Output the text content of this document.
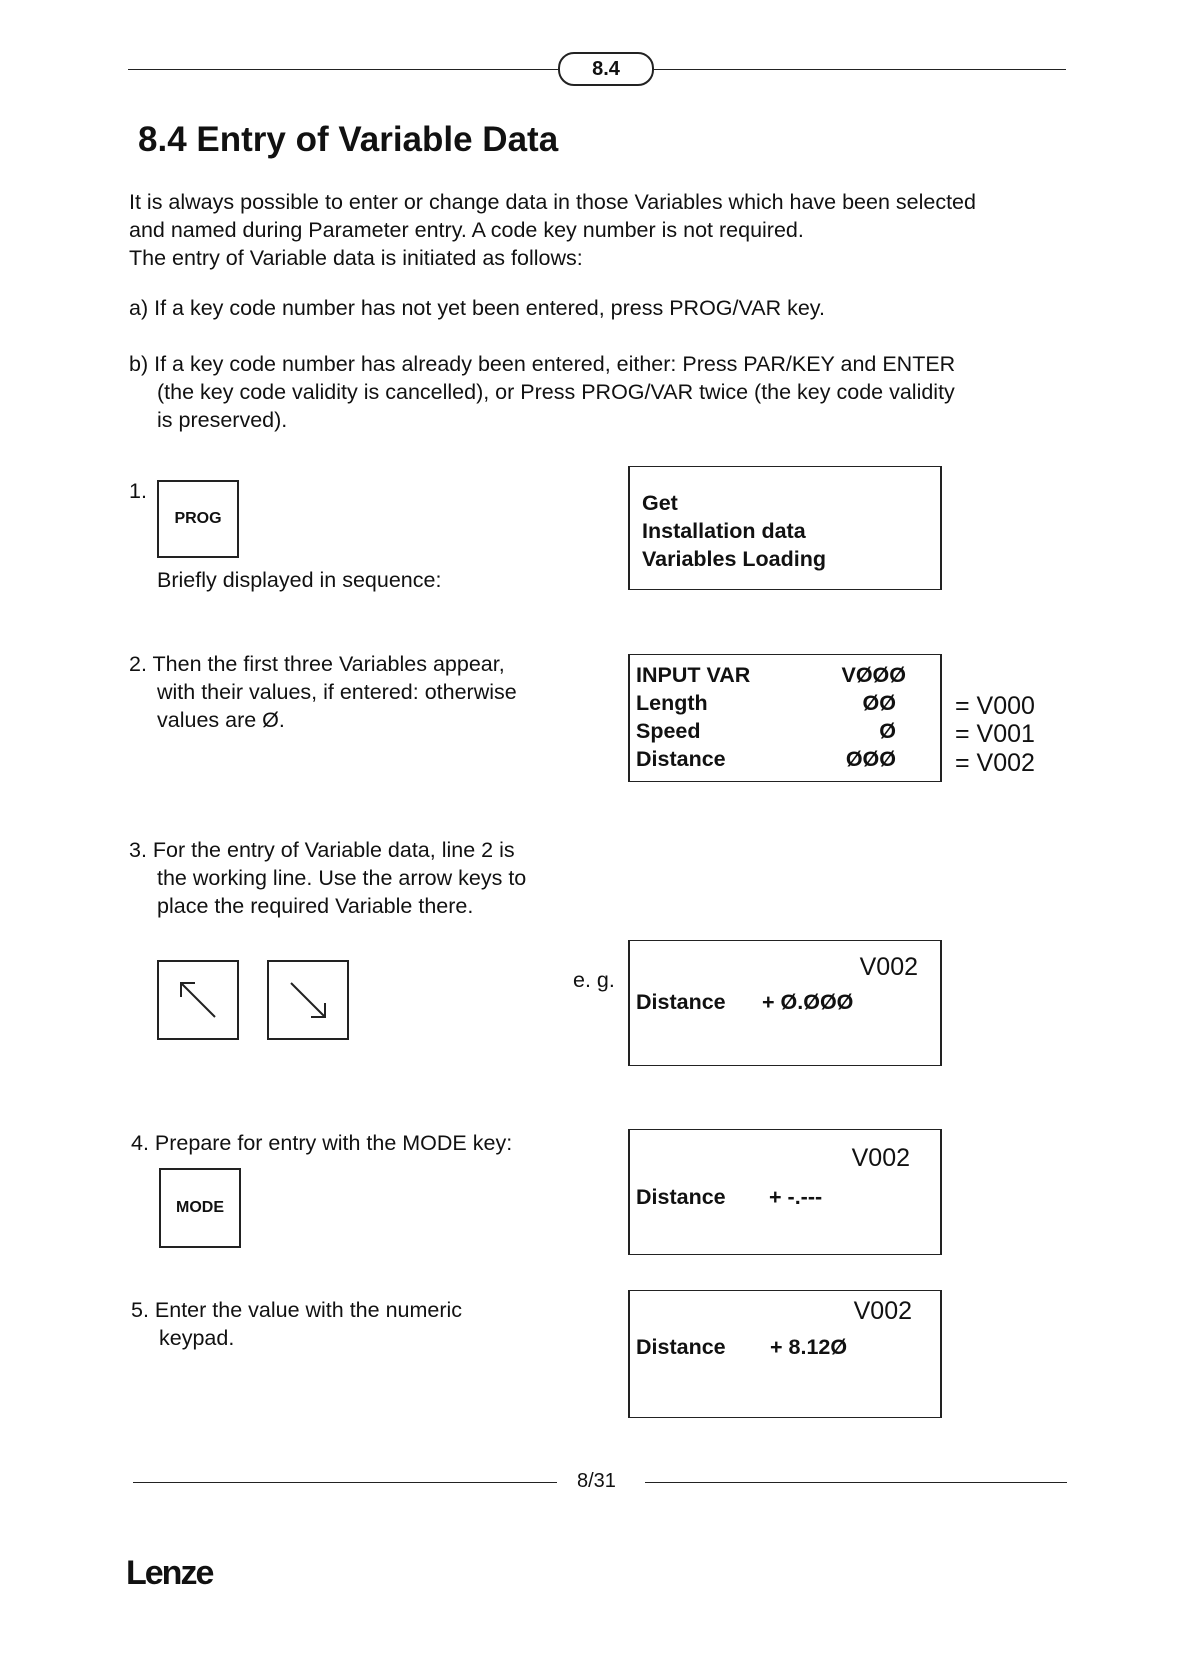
8.4
8.4 Entry of Variable Data
It is always possible to enter or change data in those Variables which have been selected
and named during Parameter entry. A code key number is not required.
The entry of Variable data is initiated as follows:
a) If a key code number has not yet been entered, press PROG/VAR key.
b) If a key code number has already been entered, either: Press PAR/KEY and ENTER
(the key code validity is cancelled), or Press PROG/VAR twice (the key code validity
is preserved).
1.
PROG
Briefly displayed in sequence:
Get
Installation data
Variables Loading
2. Then the first three Variables appear,
with their values, if entered: otherwise
values are Ø.
INPUT VAR	VØØØ
Length	ØØ
Speed	Ø
Distance	ØØØ
= V000
= V001
= V002
3. For the entry of Variable data, line 2 is
the working line. Use the arrow keys to
place the required Variable there.
e. g.	V002
Distance + Ø.ØØØ
4. Prepare for entry with the MODE key:
MODE
V002
Distance + -.---
5. Enter the value with the numeric
keypad.
V002
Distance + 8.12Ø
8/31
Lenze
